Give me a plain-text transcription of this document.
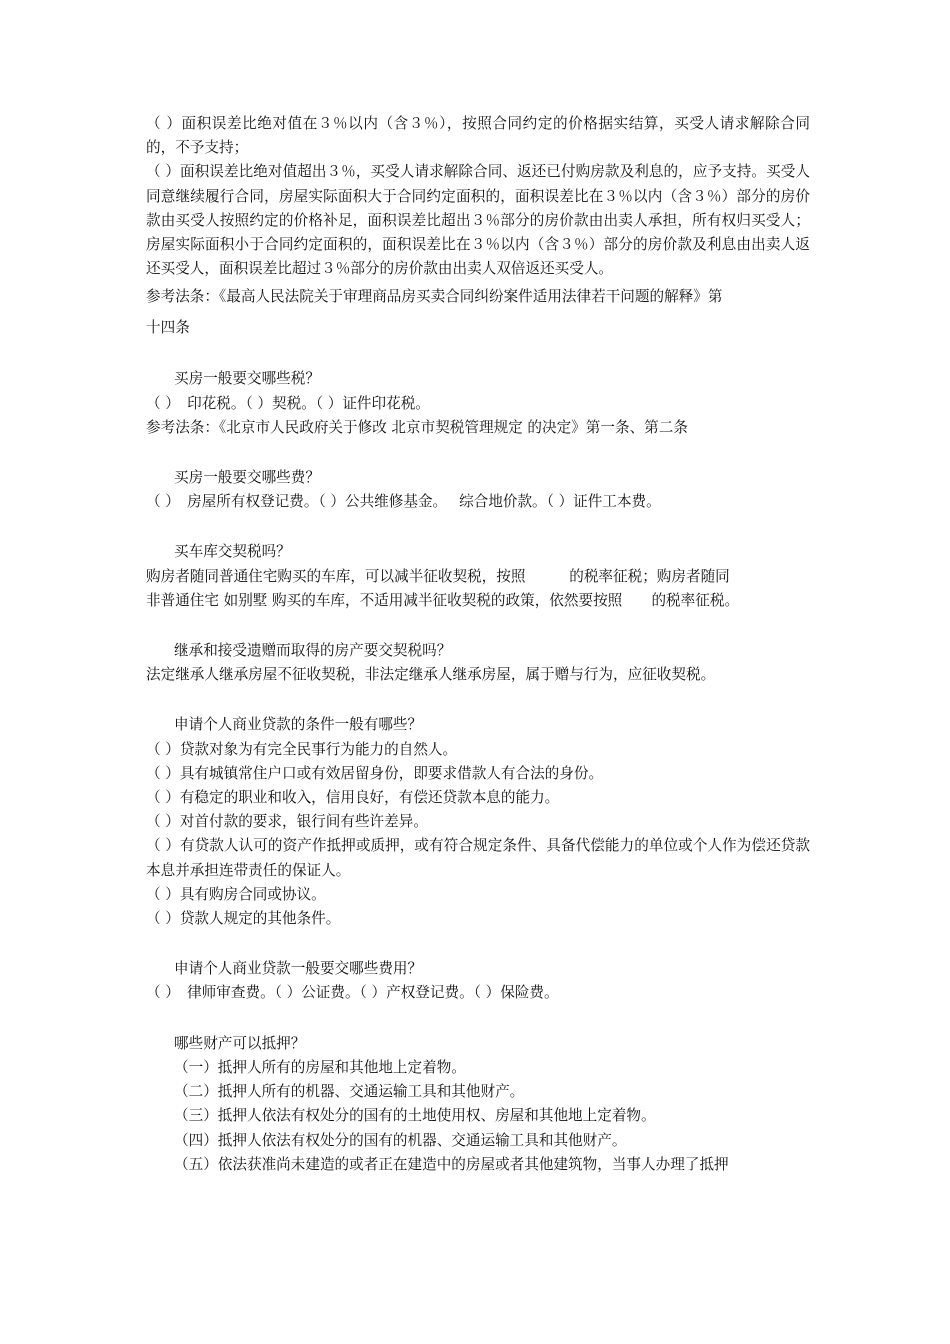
（ ）面积误差比绝对值在３％以内（含３％），按照合同约定的价格据实结算，买受人请求解除合同的，不予支持；

（ ）面积误差比绝对值超出３％，买受人请求解除合同、返还已付购房款及利息的，应予支持。买受人同意继续履行合同，房屋实际面积大于合同约定面积的，面积误差比在３％以内（含３％）部分的房价款由买受人按照约定的价格补足，面积误差比超出３％部分的房价款由出卖人承担，所有权归买受人；房屋实际面积小于合同约定面积的，面积误差比在３％以内（含３％）部分的房价款及利息由出卖人返还买受人，面积误差比超过３％部分的房价款由出卖人双倍返还买受人。

参考法条：《最高人民法院关于审理商品房买卖合同纠纷案件适用法律若干问题的解释》第

十四条

买房一般要交哪些税？

（ ）　印花税。（ ）契税。（ ）证件印花税。

参考法条：《北京市人民政府关于修改 北京市契税管理规定 的决定》第一条、第二条

买房一般要交哪些费？

（ ）　房屋所有权登记费。（ ）公共维修基金。　 综合地价款。（ ）证件工本费。

买车库交契税吗？

购房者随同普通住宅购买的车库，可以减半征收契税，按照　　　的税率征税；购房者随同

非普通住宅 如别墅 购买的车库，不适用减半征收契税的政策，依然要按照　　的税率征税。

继承和接受遗赠而取得的房产要交契税吗？

法定继承人继承房屋不征收契税，非法定继承人继承房屋，属于赠与行为，应征收契税。

申请个人商业贷款的条件一般有哪些？

（ ）贷款对象为有完全民事行为能力的自然人。

（ ）具有城镇常住户口或有效居留身份，即要求借款人有合法的身份。

（ ）有稳定的职业和收入，信用良好，有偿还贷款本息的能力。

（ ）对首付款的要求，银行间有些许差异。

（ ）有贷款人认可的资产作抵押或质押，或有符合规定条件、具备代偿能力的单位或个人作为偿还贷款本息并承担连带责任的保证人。

（ ）具有购房合同或协议。

（ ）贷款人规定的其他条件。

申请个人商业贷款一般要交哪些费用？

（ ）　律师审查费。（ ）公证费。（ ）产权登记费。（ ）保险费。

哪些财产可以抵押？

（一）抵押人所有的房屋和其他地上定着物。

（二）抵押人所有的机器、交通运输工具和其他财产。

（三）抵押人依法有权处分的国有的土地使用权、房屋和其他地上定着物。

（四）抵押人依法有权处分的国有的机器、交通运输工具和其他财产。

（五）依法获准尚未建造的或者正在建造中的房屋或者其他建筑物，当事人办理了抵押
